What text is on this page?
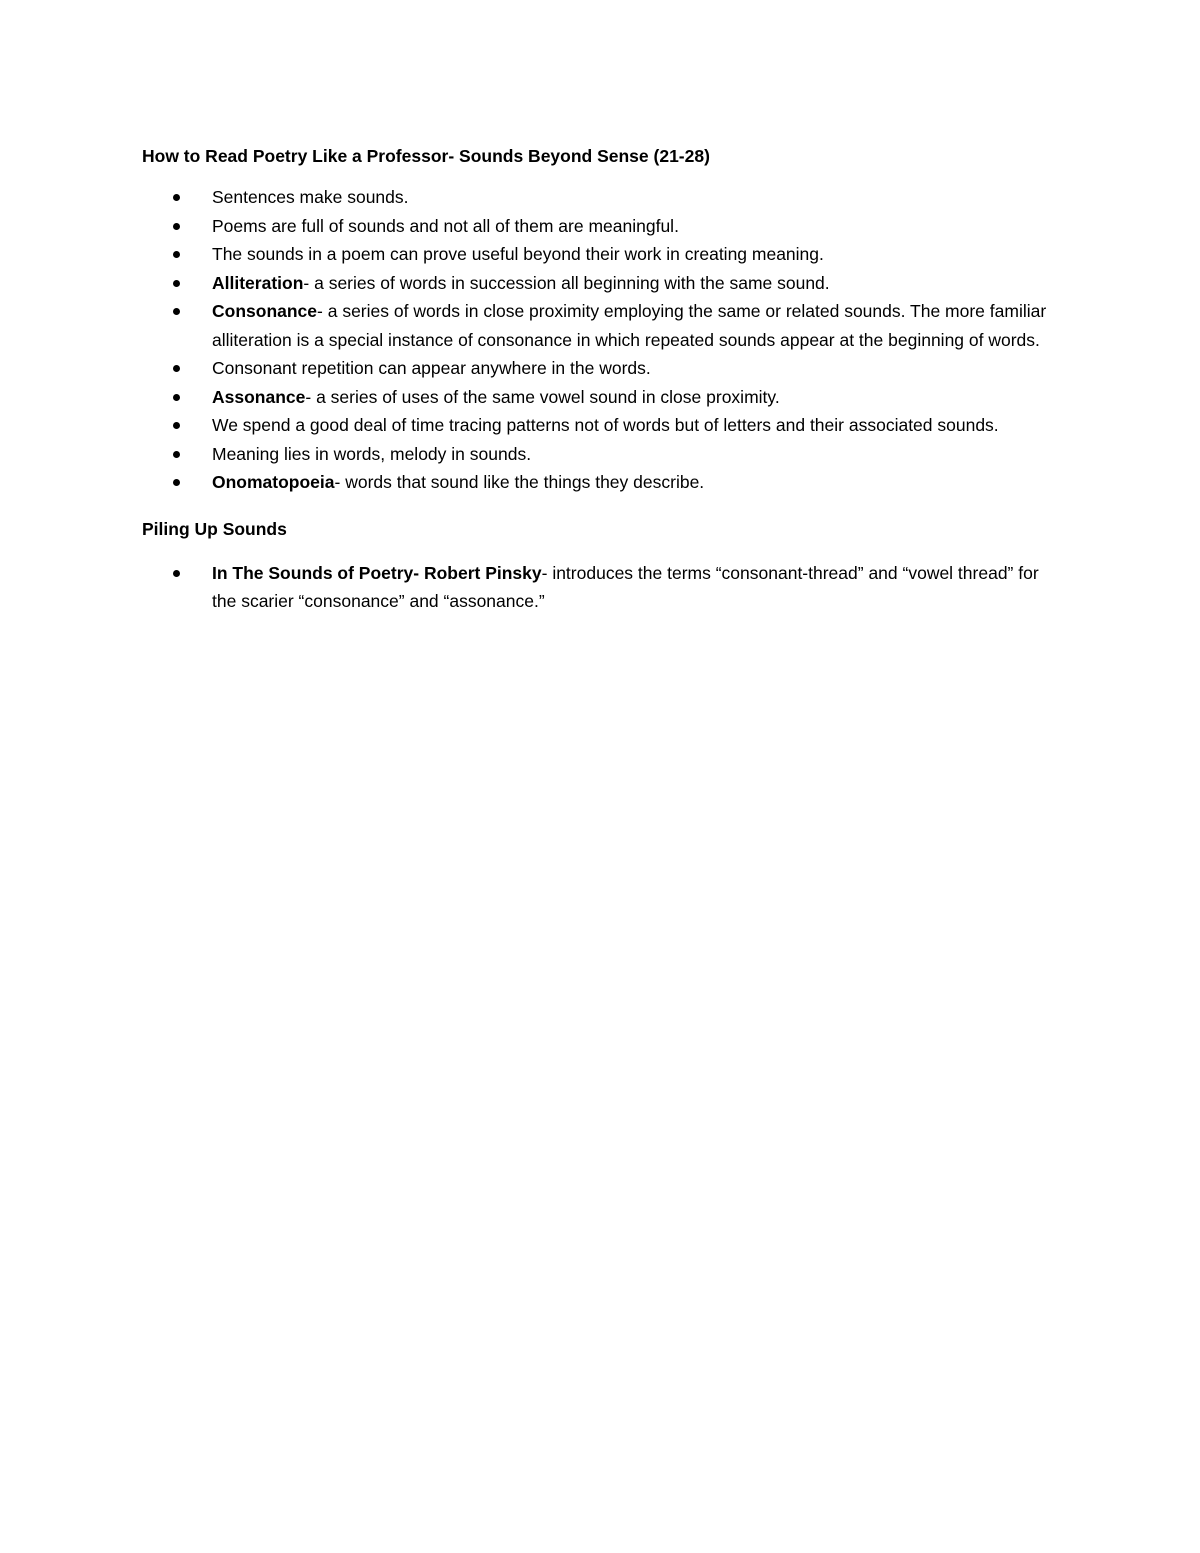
How to Read Poetry Like a Professor- Sounds Beyond Sense (21-28)
Sentences make sounds.
Poems are full of sounds and not all of them are meaningful.
The sounds in a poem can prove useful beyond their work in creating meaning.
Alliteration- a series of words in succession all beginning with the same sound.
Consonance- a series of words in close proximity employing the same or related sounds. The more familiar alliteration is a special instance of consonance in which repeated sounds appear at the beginning of words.
Consonant repetition can appear anywhere in the words.
Assonance- a series of uses of the same vowel sound in close proximity.
We spend a good deal of time tracing patterns not of words but of letters and their associated sounds.
Meaning lies in words, melody in sounds.
Onomatopoeia- words that sound like the things they describe.
Piling Up Sounds
In The Sounds of Poetry- Robert Pinsky- introduces the terms “consonant-thread” and “vowel thread” for the scarier “consonance” and “assonance.”
